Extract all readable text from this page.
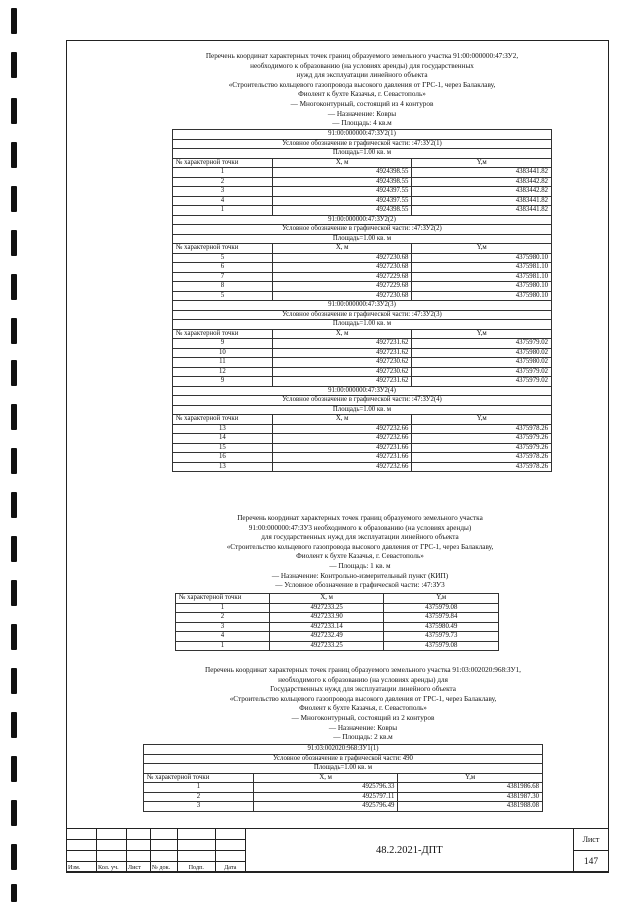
Перечень координат характерных точек границ образуемого земельного участка 91:00:000000:47:ЗУ2,
необходимого к образованию (на условиях аренды) для государственных
нужд для эксплуатации линейного объекта
«Строительство кольцевого газопровода высокого давления от ГРС-1, через Балаклаву,
Фиолент к бухте Казачья, г. Севастополь»
— Многоконтурный, состоящий из 4 контуров
— Назначение: Ковры
— Площадь: 4 кв.м
91:00:000000:47:ЗУ2(1)		
Условное обозначение в графической части: :47:ЗУ2(1)		
Площадь=1.00 кв. м		
№ характерной точки	X, м	Y,м
1	4924398.55	4383441.82
2	4924398.55	4383442.82
3	4924397.55	4383442.82
4	4924397.55	4383441.82
1	4924398.55	4383441.82
91:00:000000:47:ЗУ2(2)		
Условное обозначение в графической части: :47:ЗУ2(2)		
Площадь=1.00 кв. м		
№ характерной точки	X, м	Y,м
5	4927230.68	4375980.10
6	4927230.68	4375981.10
7	4927229.68	4375981.10
8	4927229.68	4375980.10
5	4927230.68	4375980.10
91:00:000000:47:ЗУ2(3)		
Условное обозначение в графической части: :47:ЗУ2(3)		
Площадь=1.00 кв. м		
№ характерной точки	X, м	Y,м
9	4927231.62	4375979.02
10	4927231.62	4375980.02
11	4927230.62	4375980.02
12	4927230.62	4375979.02
9	4927231.62	4375979.02
91:00:000000:47:ЗУ2(4)		
Условное обозначение в графической части: :47:ЗУ2(4)		
Площадь=1.00 кв. м		
№ характерной точки	X, м	Y,м
13	4927232.66	4375978.26
14	4927232.66	4375979.26
15	4927231.66	4375979.26
16	4927231.66	4375978.26
13	4927232.66	4375978.26
Перечень координат характерных точек границ образуемого земельного участка
91:00:000000:47:ЗУ3 необходимого к образованию (на условиях аренды)
для государственных нужд для эксплуатации линейного объекта
«Строительство кольцевого газопровода высокого давления от ГРС-1, через Балаклаву,
Фиолент к бухте Казачья, г. Севастополь»
— Площадь: 1 кв. м
— Назначение: Контрольно-измерительный пункт (КИП)
— Условное обозначение в графической части: :47:ЗУ3
№ характерной точки	X, м	Y,м
1	4927233.25	4375979.08
2	4927233.90	4375979.84
3	4927233.14	4375980.49
4	4927232.49	4375979.73
1	4927233.25	4375979.08
Перечень координат характерных точек границ образуемого земельного участка 91:03:002020:968:ЗУ1,
необходимого к образованию (на условиях аренды) для
Государственных нужд для эксплуатации линейного объекта
«Строительство кольцевого газопровода высокого давления от ГРС-1, через Балаклаву,
Фиолент к бухте Казачья, г. Севастополь»
— Многоконтурный, состоящий из 2 контуров
— Назначение: Ковры
— Площадь: 2 кв.м
91:03:002020:968:ЗУ1(1)		
Условное обозначение в графической части: 490		
Площадь=1.00 кв. м		
№ характерной точки	X, м	Y,м
1	4925796.33	4381986.68
2	4925797.11	4381987.30
3	4925796.49	4381988.08
						48.2.2021-ДПТ	Лист

							147
Изм.	Кол. уч.	Лист	№ док.	Подп.	Дата		
